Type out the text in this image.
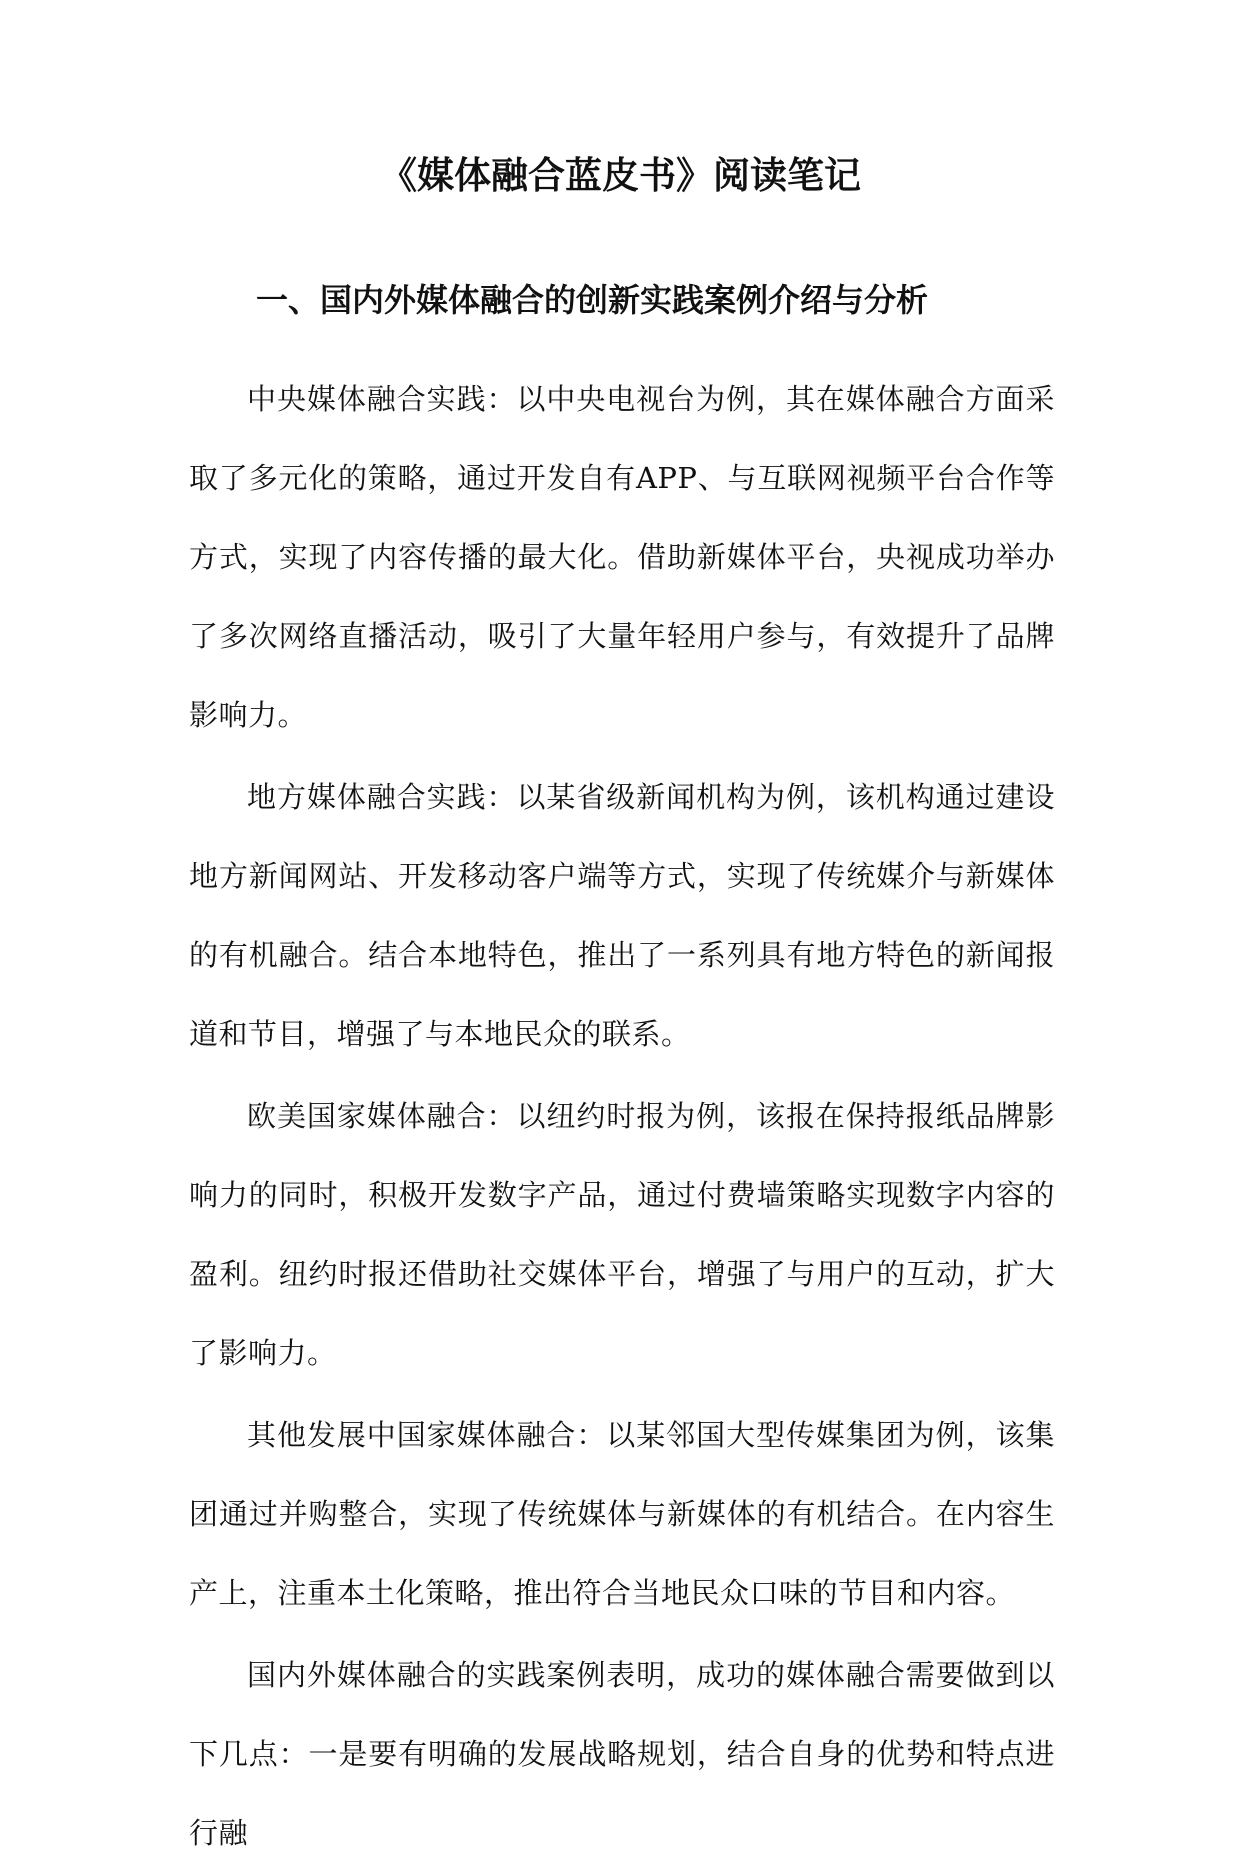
《媒体融合蓝皮书》阅读笔记
一、国内外媒体融合的创新实践案例介绍与分析

中央媒体融合实践：以中央电视台为例，其在媒体融合方面采取了多元化的策略，通过开发自有APP、与互联网视频平台合作等方式，实现了内容传播的最大化。借助新媒体平台，央视成功举办了多次网络直播活动，吸引了大量年轻用户参与，有效提升了品牌影响力。

地方媒体融合实践：以某省级新闻机构为例，该机构通过建设地方新闻网站、开发移动客户端等方式，实现了传统媒介与新媒体的有机融合。结合本地特色，推出了一系列具有地方特色的新闻报道和节目，增强了与本地民众的联系。

欧美国家媒体融合：以纽约时报为例，该报在保持报纸品牌影响力的同时，积极开发数字产品，通过付费墙策略实现数字内容的盈利。纽约时报还借助社交媒体平台，增强了与用户的互动，扩大了影响力。

其他发展中国家媒体融合：以某邻国大型传媒集团为例，该集团通过并购整合，实现了传统媒体与新媒体的有机结合。在内容生产上，注重本土化策略，推出符合当地民众口味的节目和内容。

国内外媒体融合的实践案例表明，成功的媒体融合需要做到以下几点：一是要有明确的发展战略规划，结合自身的优势和特点进行融
